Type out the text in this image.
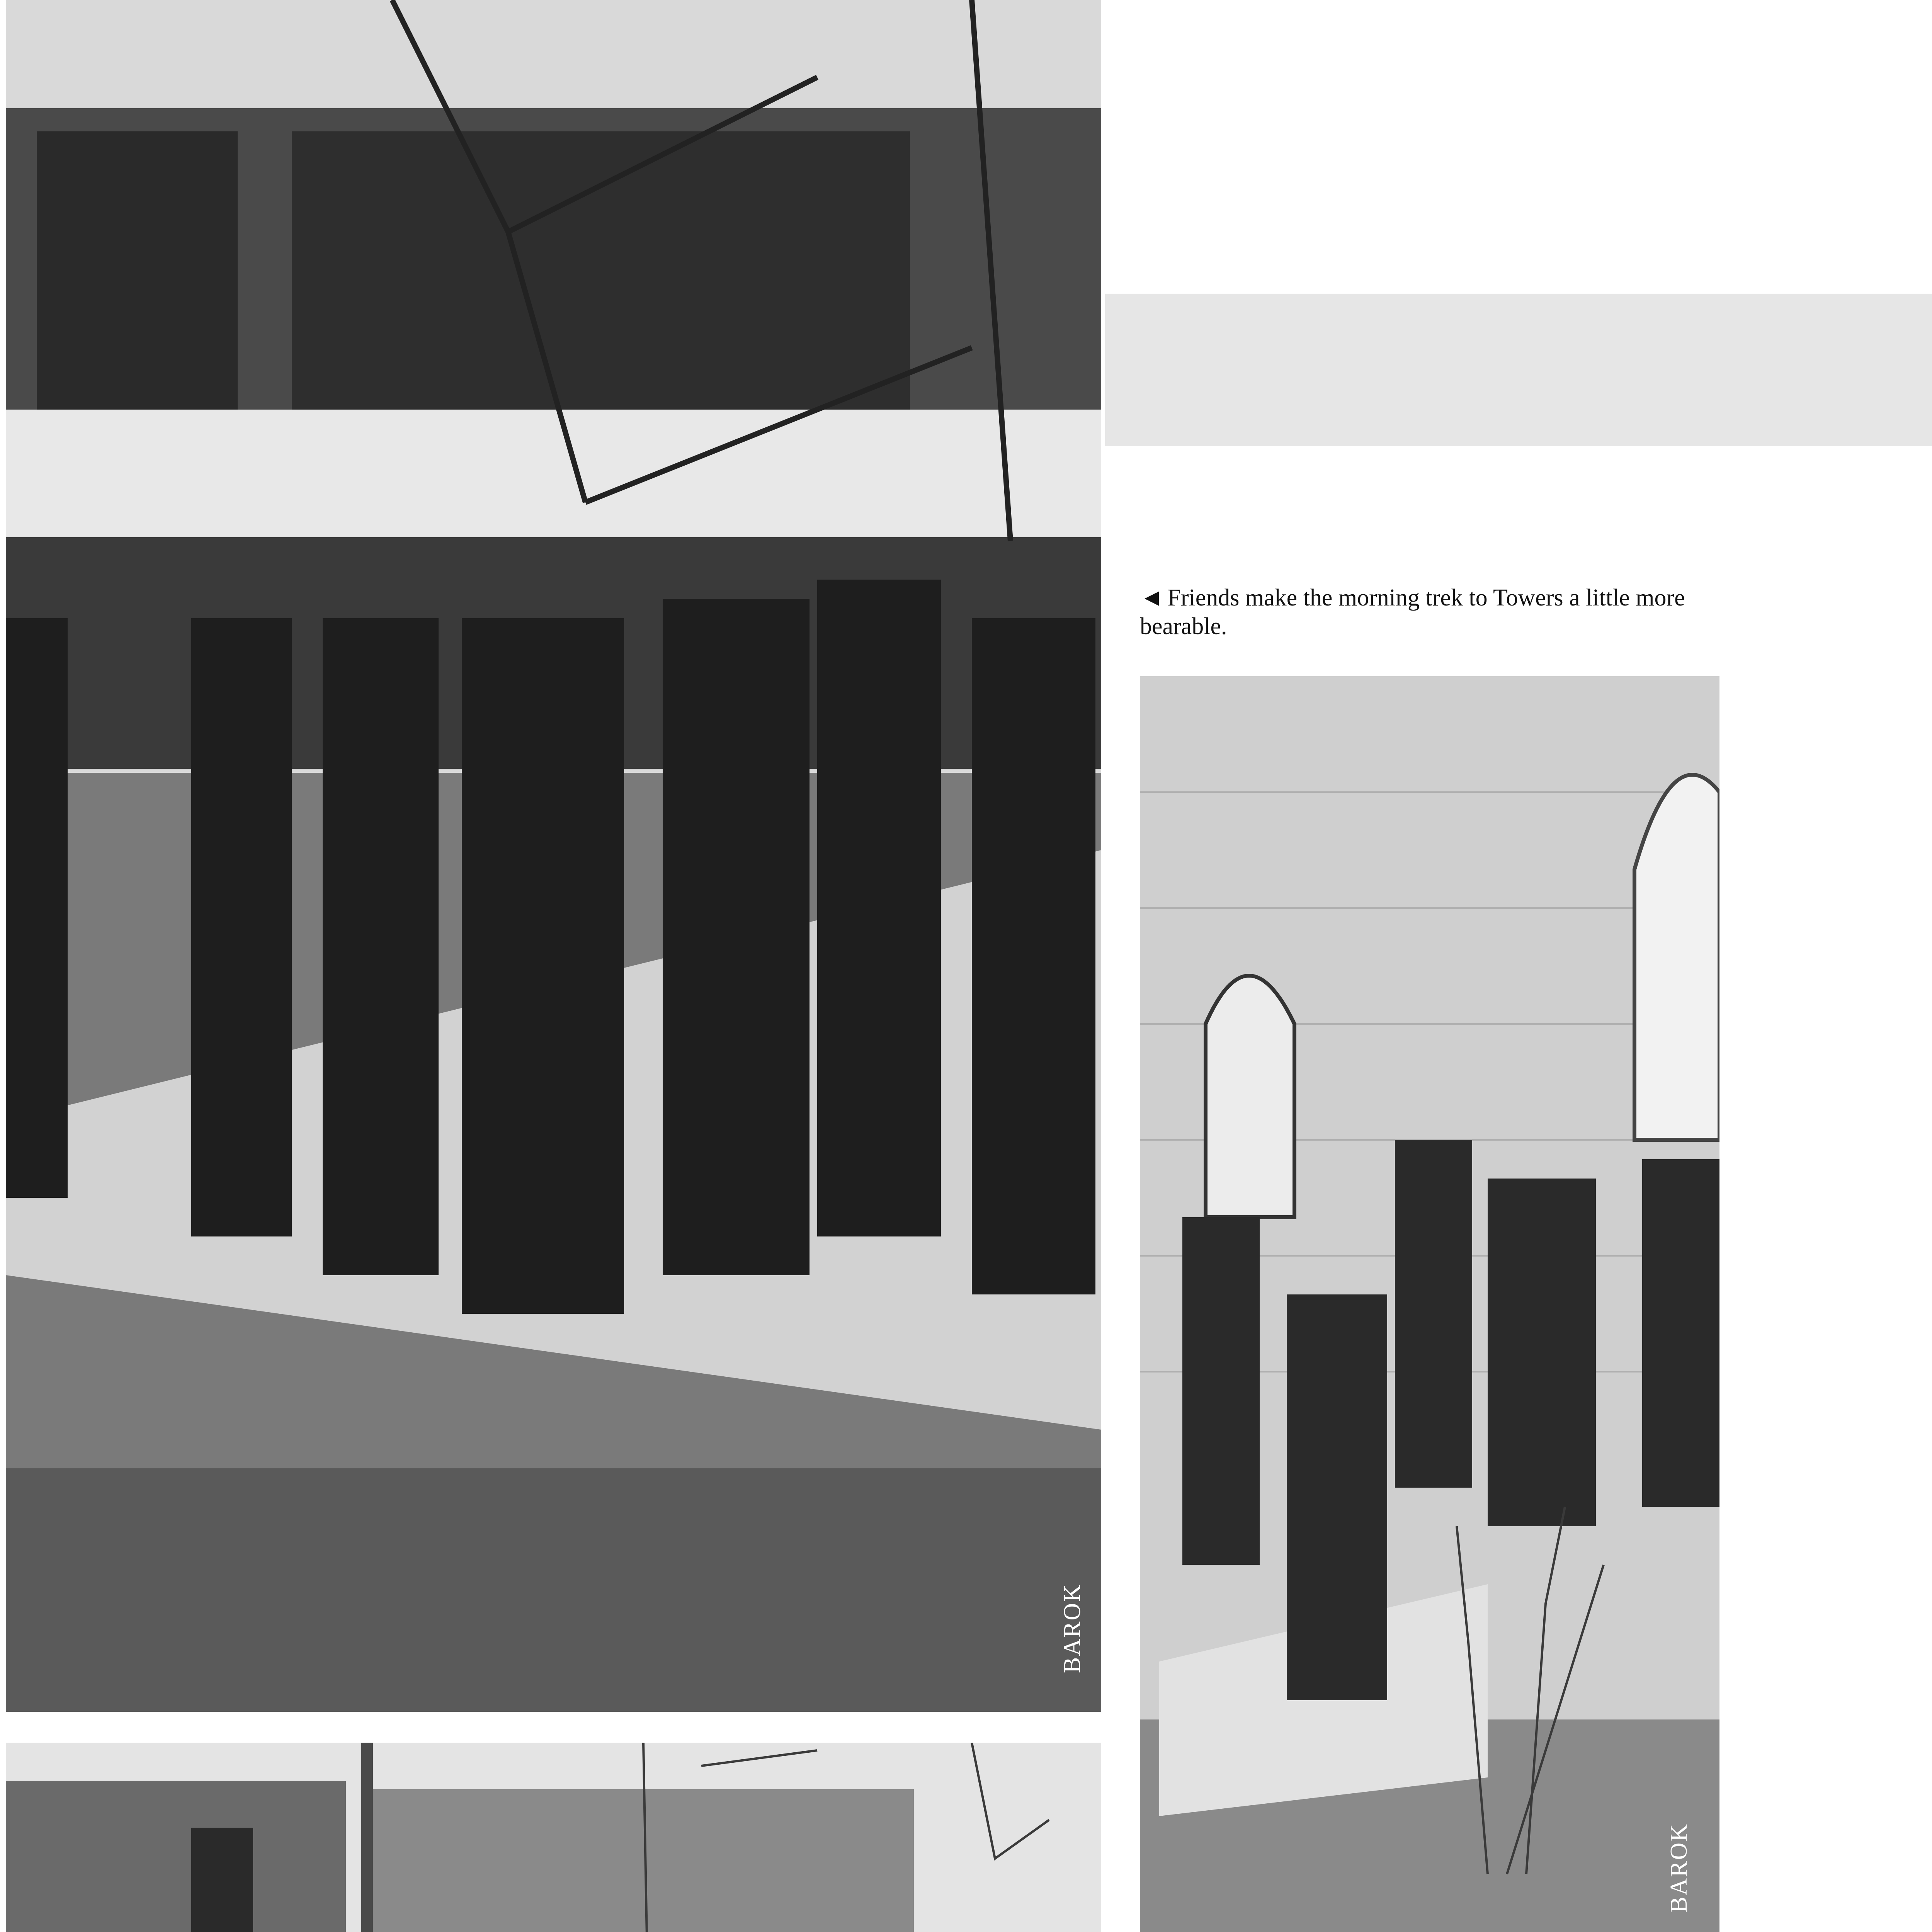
BAROK
◄ Friends make the morning trek to Towers a little more bearable.
BAROK
